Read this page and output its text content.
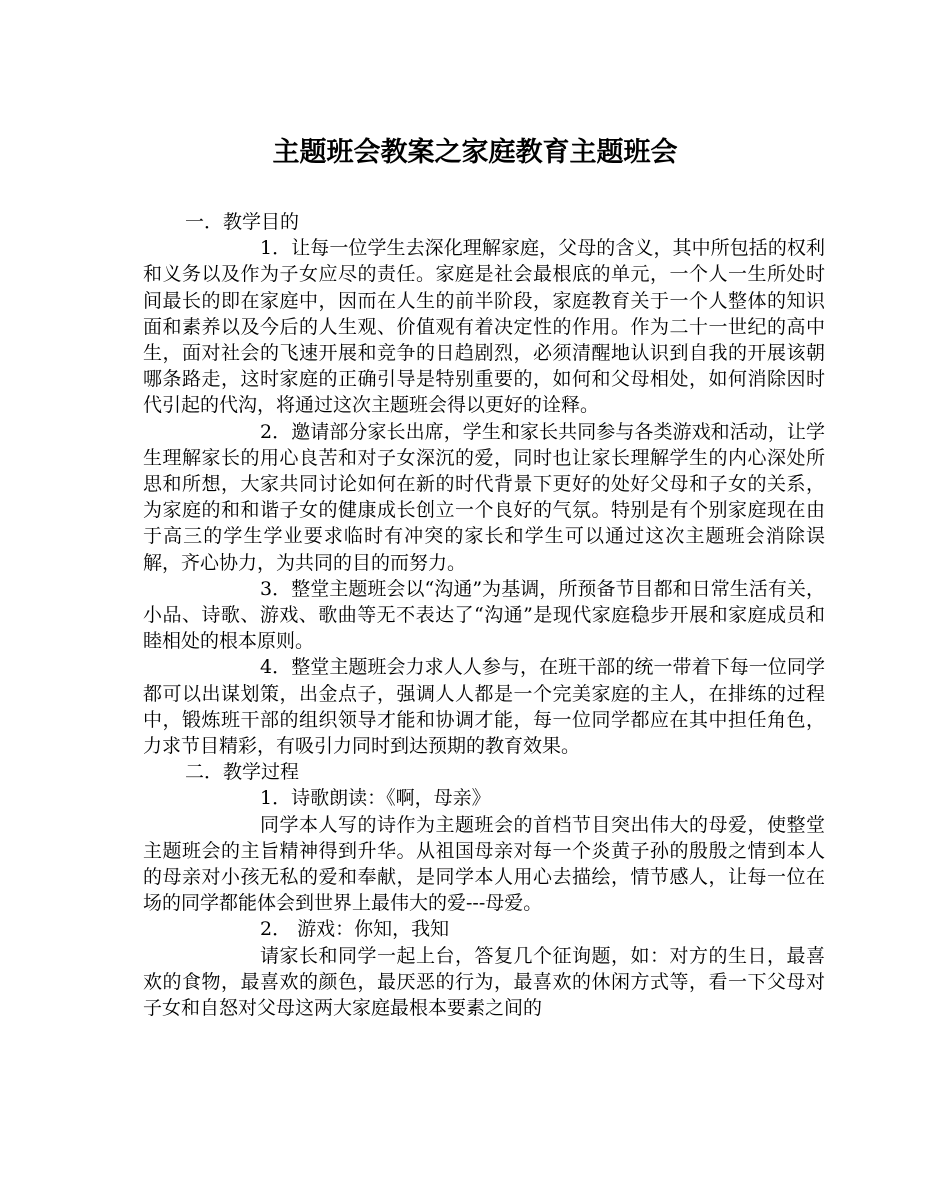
主题班会教案之家庭教育主题班会

一．教学目的

1．让每一位学生去深化理解家庭，父母的含义，其中所包括的权利和义务以及作为子女应尽的责任。家庭是社会最根底的单元，一个人一生所处时间最长的即在家庭中，因而在人生的前半阶段，家庭教育关于一个人整体的知识面和素养以及今后的人生观、价值观有着决定性的作用。作为二十一世纪的高中生，面对社会的飞速开展和竞争的日趋剧烈，必须清醒地认识到自我的开展该朝哪条路走，这时家庭的正确引导是特别重要的，如何和父母相处，如何消除因时代引起的代沟，将通过这次主题班会得以更好的诠释。

2．邀请部分家长出席，学生和家长共同参与各类游戏和活动，让学生理解家长的用心良苦和对子女深沉的爱，同时也让家长理解学生的内心深处所思和所想，大家共同讨论如何在新的时代背景下更好的处好父母和子女的关系，为家庭的和和谐子女的健康成长创立一个良好的气氛。特别是有个别家庭现在由于高三的学生学业要求临时有冲突的家长和学生可以通过这次主题班会消除误解，齐心协力，为共同的目的而努力。

3．整堂主题班会以“沟通”为基调，所预备节目都和日常生活有关，小品、诗歌、游戏、歌曲等无不表达了“沟通”是现代家庭稳步开展和家庭成员和睦相处的根本原则。

4．整堂主题班会力求人人参与，在班干部的统一带着下每一位同学都可以出谋划策，出金点子，强调人人都是一个完美家庭的主人，在排练的过程中，锻炼班干部的组织领导才能和协调才能，每一位同学都应在其中担任角色，力求节目精彩，有吸引力同时到达预期的教育效果。

二．教学过程

1．诗歌朗读：《啊，母亲》

同学本人写的诗作为主题班会的首档节目突出伟大的母爱，使整堂主题班会的主旨精神得到升华。从祖国母亲对每一个炎黄子孙的殷殷之情到本人的母亲对小孩无私的爱和奉献，是同学本人用心去描绘，情节感人，让每一位在场的同学都能体会到世界上最伟大的爱---母爱。

2． 游戏：你知，我知

请家长和同学一起上台，答复几个征询题，如：对方的生日，最喜欢的食物，最喜欢的颜色，最厌恶的行为，最喜欢的休闲方式等，看一下父母对子女和自怒对父母这两大家庭最根本要素之间的
